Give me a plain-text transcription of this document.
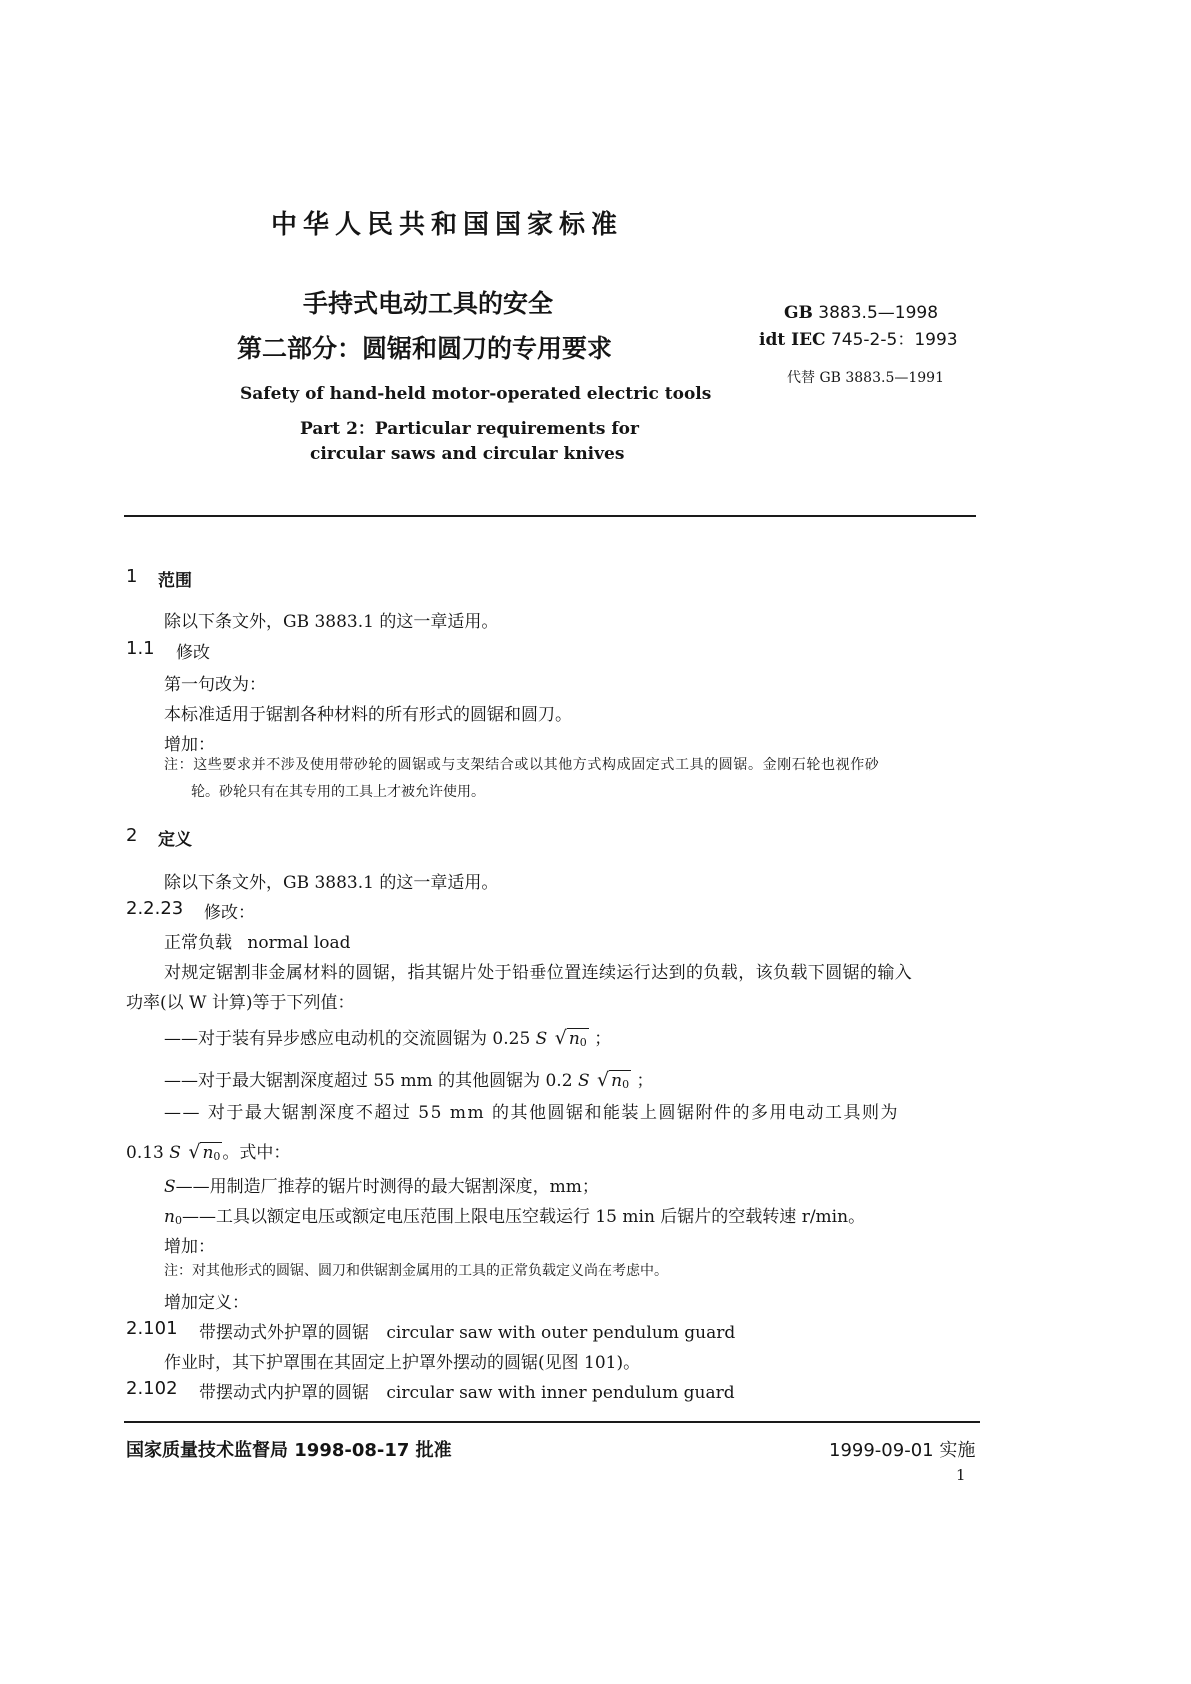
中华人民共和国国家标准
手持式电动工具的安全
第二部分：圆锯和圆刀的专用要求
GB 3883.5—1998
idt IEC 745-2-5：1993
代替 GB 3883.5—1991
Safety of hand-held motor-operated electric tools
Part 2：Particular requirements for
circular saws and circular knives
1 范围
除以下条文外，GB 3883.1 的这一章适用。
1.1 修改
第一句改为：
本标准适用于锯割各种材料的所有形式的圆锯和圆刀。
增加：
注：这些要求并不涉及使用带砂轮的圆锯或与支架结合或以其他方式构成固定式工具的圆锯。金刚石轮也视作砂
轮。砂轮只有在其专用的工具上才被允许使用。
2 定义
除以下条文外，GB 3883.1 的这一章适用。
2.2.23 修改：
正常负载 normal load
对规定锯割非金属材料的圆锯，指其锯片处于铅垂位置连续运行达到的负载，该负载下圆锯的输入
功率(以 W 计算)等于下列值：
——对于装有异步感应电动机的交流圆锯为 0.25 S √ n0 ；
——对于最大锯割深度超过 55 mm 的其他圆锯为 0.2 S √ n0 ；
—— 对于最大锯割深度不超过 55 mm 的其他圆锯和能装上圆锯附件的多用电动工具则为
0.13 S √ n0 。式中：
S——用制造厂推荐的锯片时测得的最大锯割深度，mm；
n0——工具以额定电压或额定电压范围上限电压空载运行 15 min 后锯片的空载转速 r/min。
增加：
注：对其他形式的圆锯、圆刀和供锯割金属用的工具的正常负载定义尚在考虑中。
增加定义：
2.101 带摆动式外护罩的圆锯 circular saw with outer pendulum guard
作业时，其下护罩围在其固定上护罩外摆动的圆锯(见图 101)。
2.102 带摆动式内护罩的圆锯 circular saw with inner pendulum guard
国家质量技术监督局 1998-08-17 批准	1999-09-01 实施
1
